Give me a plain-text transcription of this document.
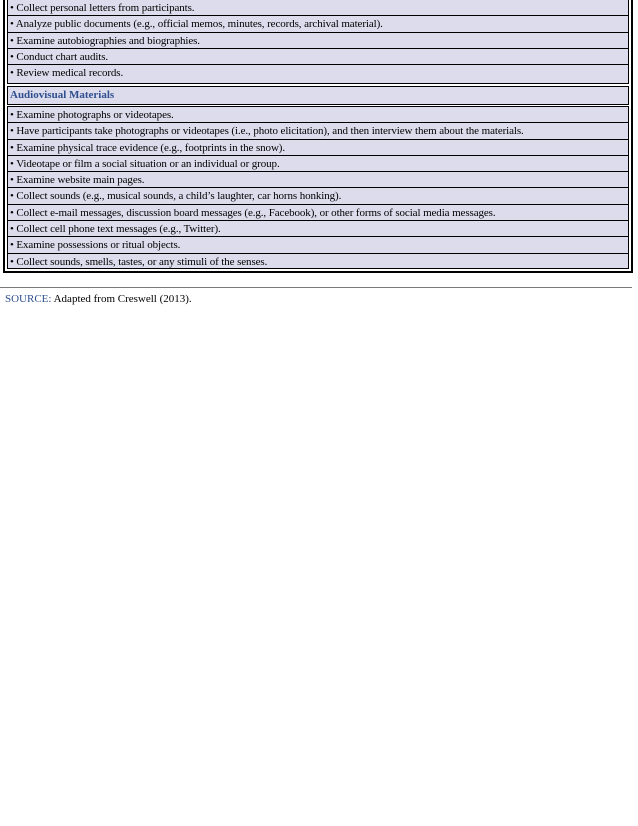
• Collect personal letters from participants.
• Analyze public documents (e.g., official memos, minutes, records, archival material).
• Examine autobiographies and biographies.
• Conduct chart audits.
• Review medical records.
Audiovisual Materials
• Examine photographs or videotapes.
• Have participants take photographs or videotapes (i.e., photo elicitation), and then interview them about the materials.
• Examine physical trace evidence (e.g., footprints in the snow).
• Videotape or film a social situation or an individual or group.
• Examine website main pages.
• Collect sounds (e.g., musical sounds, a child’s laughter, car horns honking).
• Collect e-mail messages, discussion board messages (e.g., Facebook), or other forms of social media messages.
• Collect cell phone text messages (e.g., Twitter).
• Examine possessions or ritual objects.
• Collect sounds, smells, tastes, or any stimuli of the senses.
SOURCE: Adapted from Creswell (2013).
